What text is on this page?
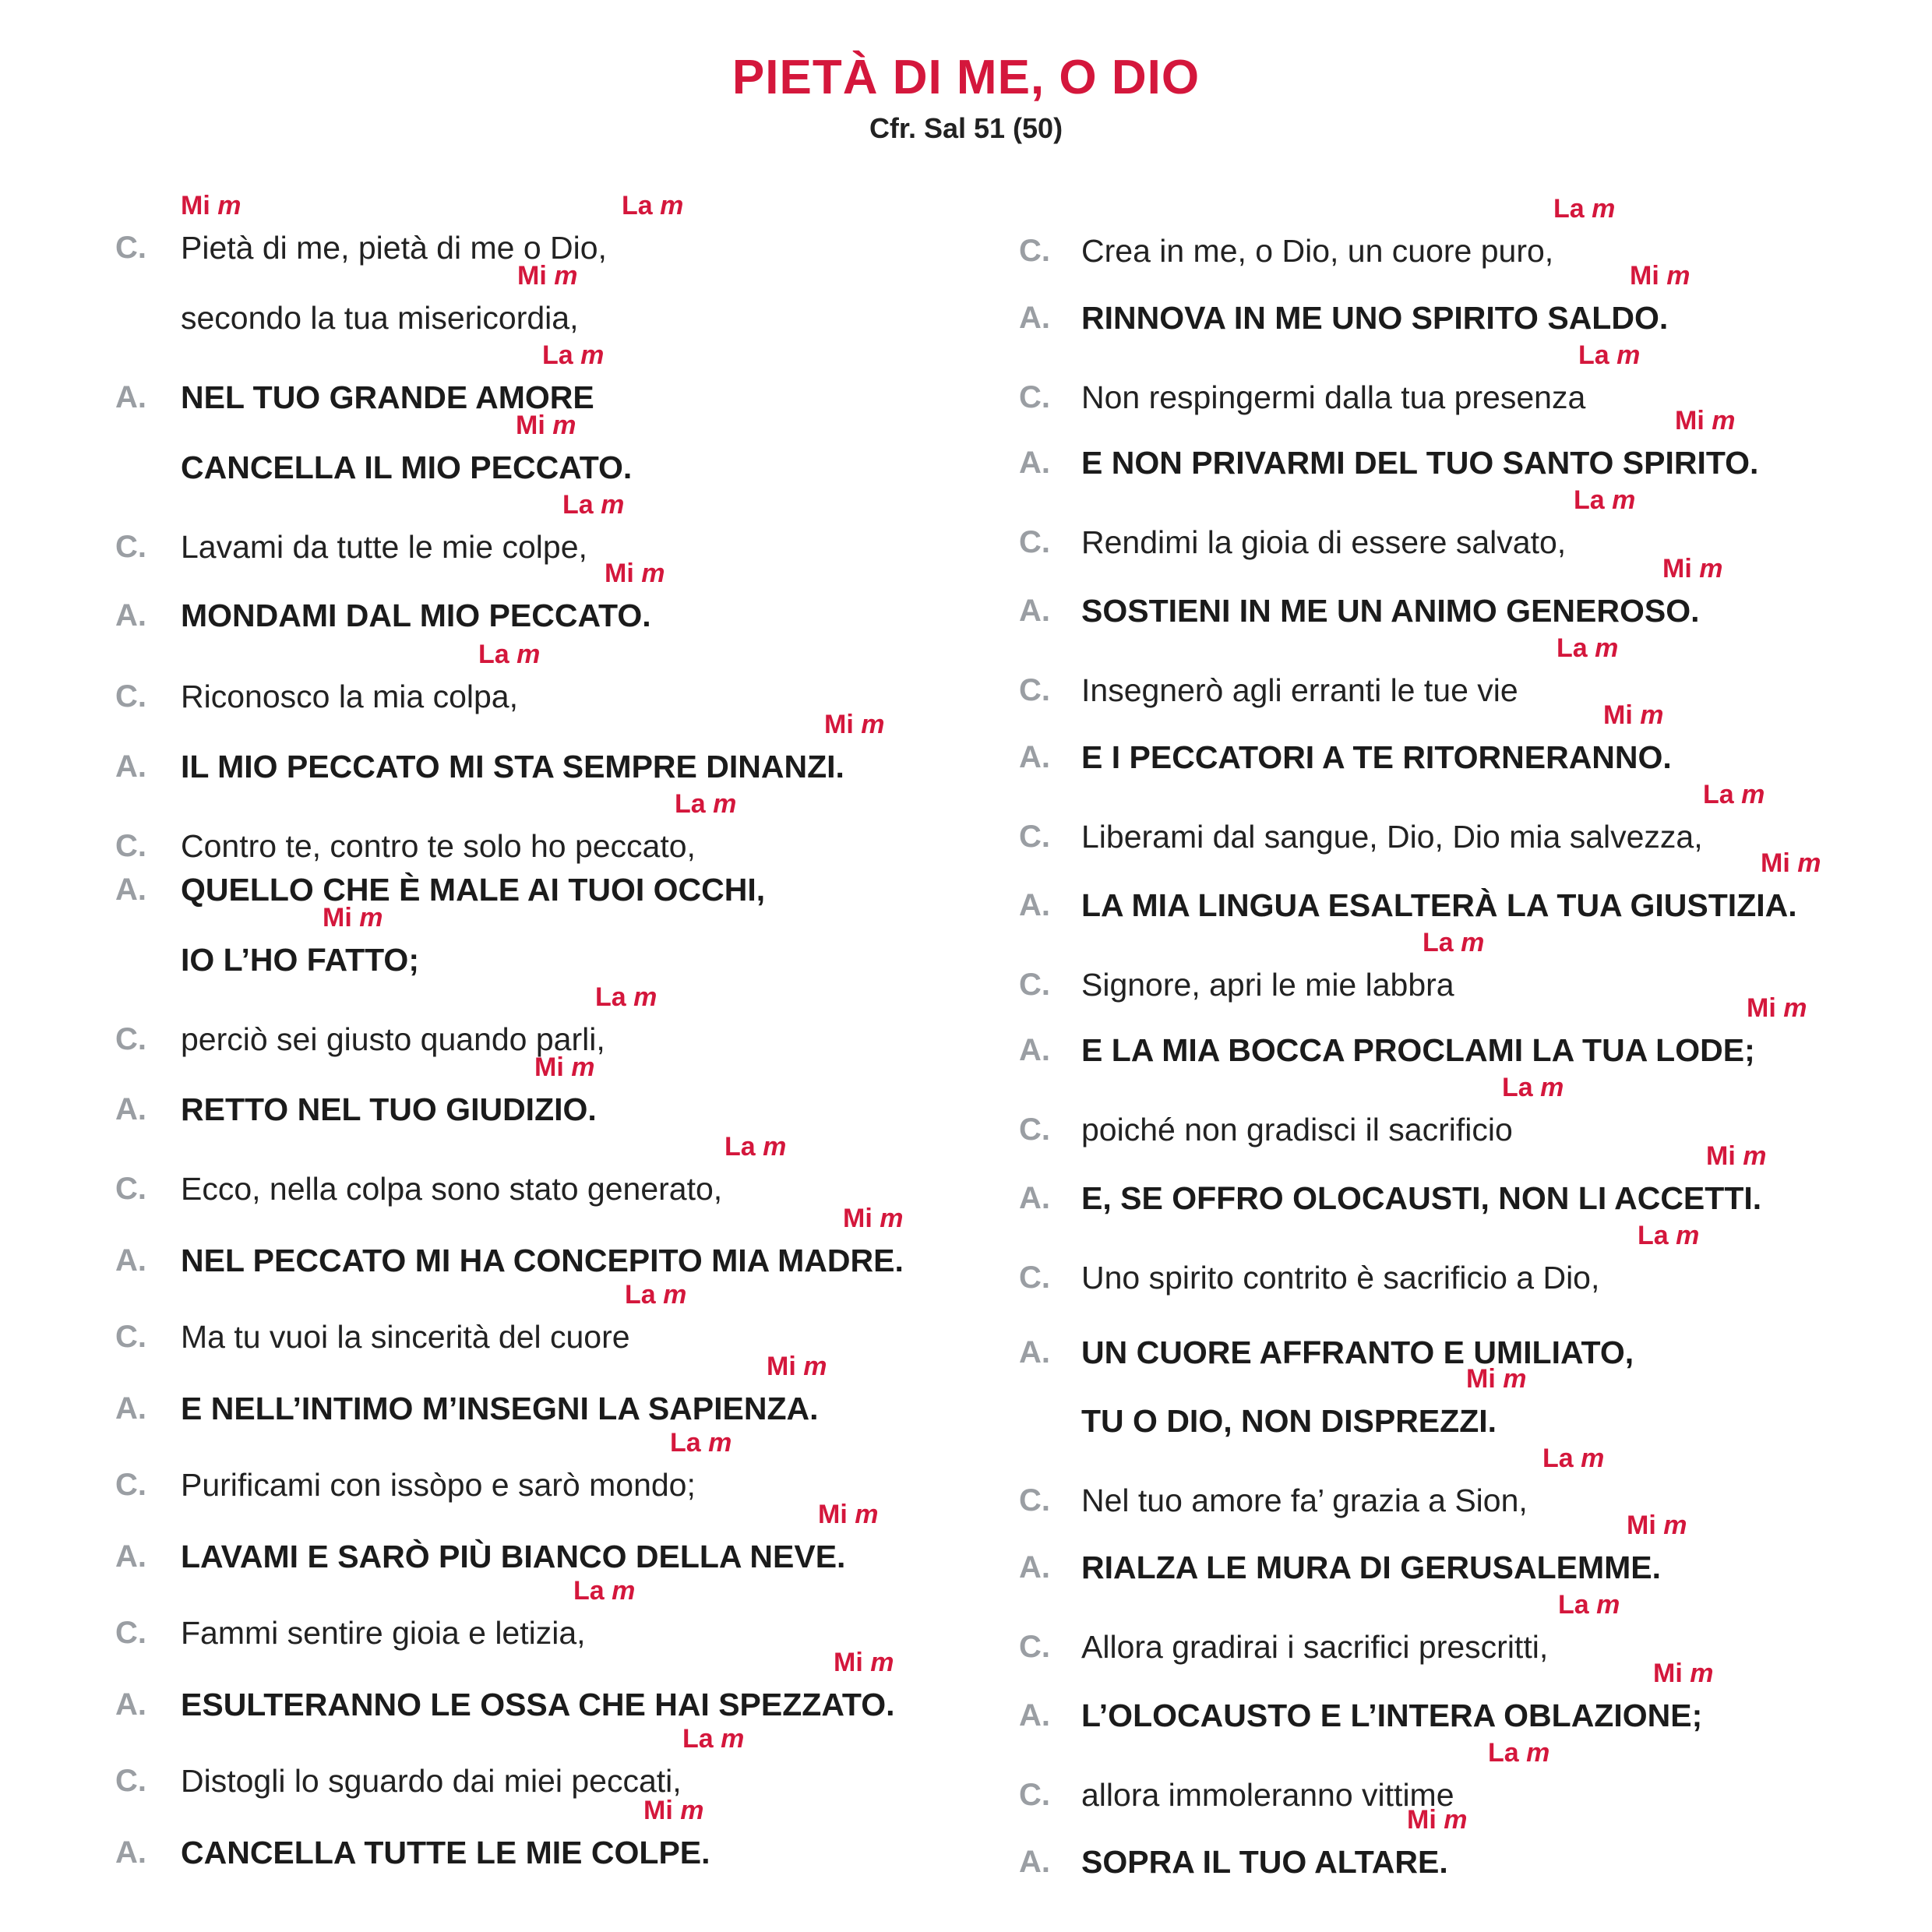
PIETÀ DI ME, O DIO
Cfr. Sal 51 (50)
C. Pietà di me, pietà di me o Dio,
Mi m	La m
secondo la tua misericordia,
Mi m
A. NEL TUO GRANDE AMORE
La m
CANCELLA IL MIO PECCATO.
Mi m
C. Lavami da tutte le mie colpe,
La m
A. MONDAMI DAL MIO PECCATO.
Mi m
C. Riconosco la mia colpa,
La m
A. IL MIO PECCATO MI STA SEMPRE DINANZI.
Mi m
C. Contro te, contro te solo ho peccato,
La m
A. QUELLO CHE È MALE AI TUOI OCCHI,
IO L’HO FATTO;
Mi m
C. perciò sei giusto quando parli,
La m
A. RETTO NEL TUO GIUDIZIO.
Mi m
C. Ecco, nella colpa sono stato generato,
La m
A. NEL PECCATO MI HA CONCEPITO MIA MADRE.
Mi m
C. Ma tu vuoi la sincerità del cuore
La m
A. E NELL’INTIMO M’INSEGNI LA SAPIENZA.
Mi m
C. Purificami con issòpo e sarò mondo;
La m
A. LAVAMI E SARÒ PIÙ BIANCO DELLA NEVE.
Mi m
C. Fammi sentire gioia e letizia,
La m
A. ESULTERANNO LE OSSA CHE HAI SPEZZATO.
Mi m
C. Distogli lo sguardo dai miei peccati,
La m
A. CANCELLA TUTTE LE MIE COLPE.
Mi m
C. Crea in me, o Dio, un cuore puro,
La m
A. RINNOVA IN ME UNO SPIRITO SALDO.
Mi m
C. Non respingermi dalla tua presenza
La m
A. E NON PRIVARMI DEL TUO SANTO SPIRITO.
Mi m
C. Rendimi la gioia di essere salvato,
La m
A. SOSTIENI IN ME UN ANIMO GENEROSO.
Mi m
C. Insegnerò agli erranti le tue vie
La m
A. E I PECCATORI A TE RITORNERANNO.
Mi m
C. Liberami dal sangue, Dio, Dio mia salvezza,
La m
A. LA MIA LINGUA ESALTERÀ LA TUA GIUSTIZIA.
Mi m
C. Signore, apri le mie labbra
La m
A. E LA MIA BOCCA PROCLAMI LA TUA LODE;
Mi m
C. poiché non gradisci il sacrificio
La m
A. E, SE OFFRO OLOCAUSTI, NON LI ACCETTI.
Mi m
C. Uno spirito contrito è sacrificio a Dio,
La m
A. UN CUORE AFFRANTO E UMILIATO,
TU O DIO, NON DISPREZZI.
Mi m
C. Nel tuo amore fa’ grazia a Sion,
La m
A. RIALZA LE MURA DI GERUSALEMME.
Mi m
C. Allora gradirai i sacrifici prescritti,
La m
A. L’OLOCAUSTO E L’INTERA OBLAZIONE;
Mi m
C. allora immoleranno vittime
La m
A. SOPRA IL TUO ALTARE.
Mi m
